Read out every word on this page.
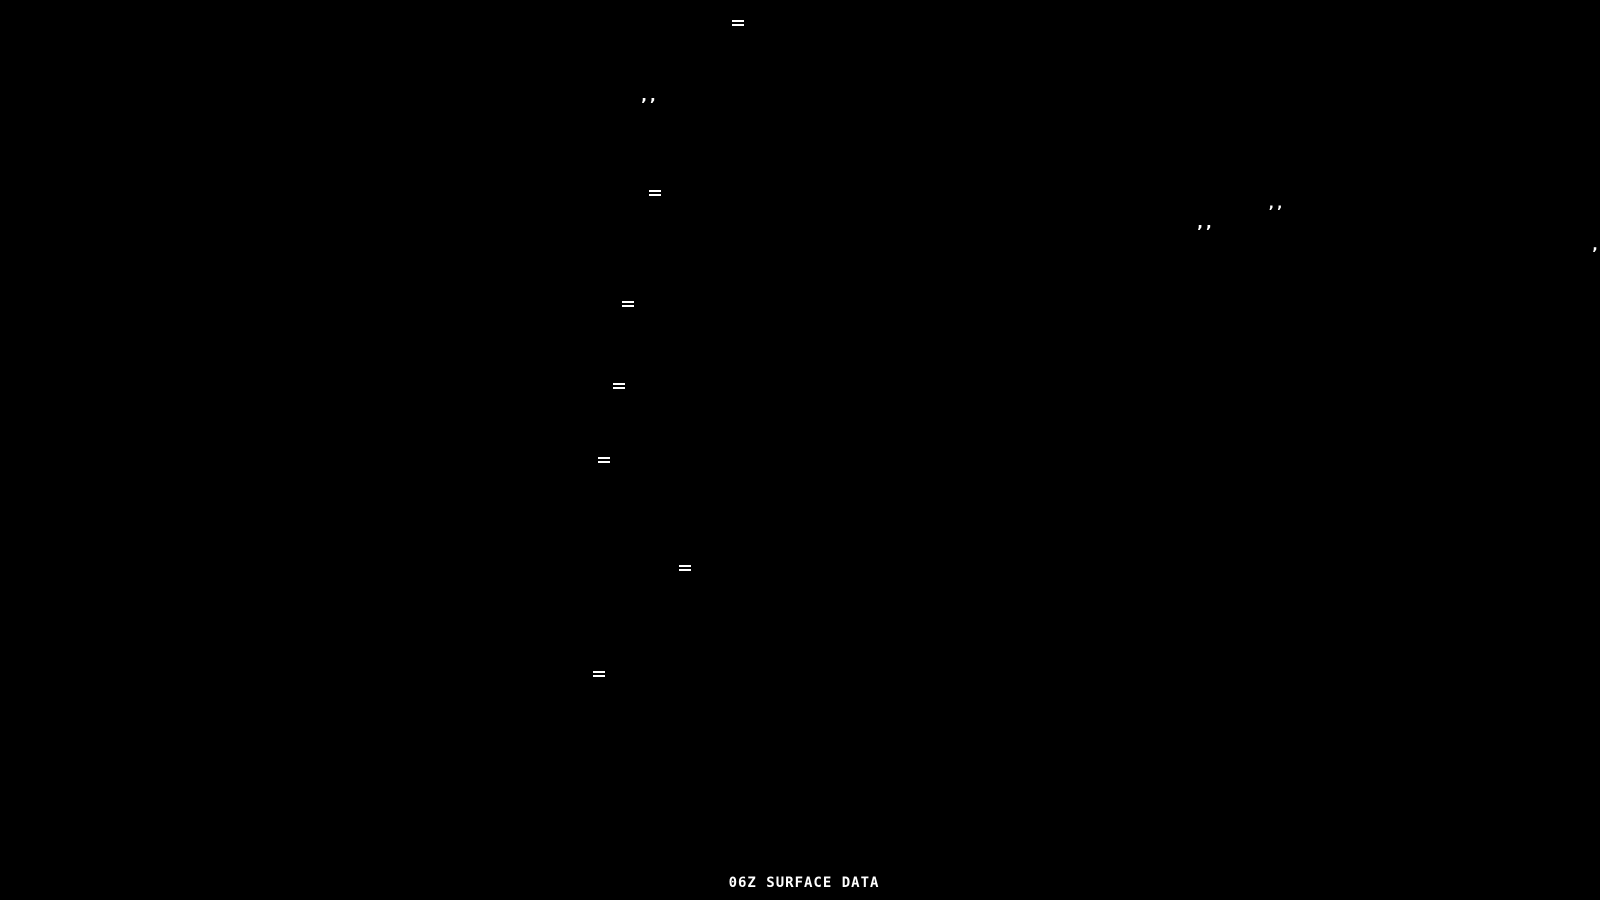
,,
’’
,,
,
06Z SURFACE DATA
